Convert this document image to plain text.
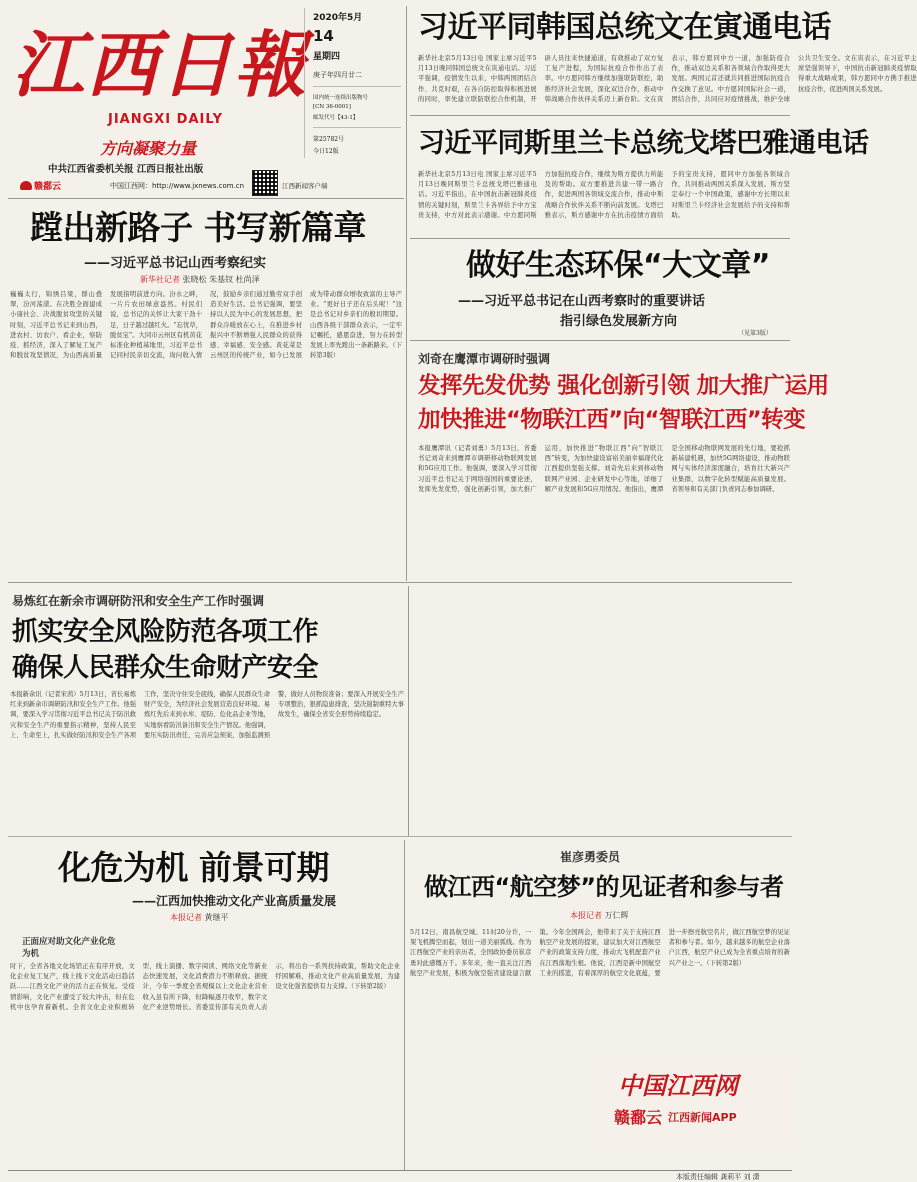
江西日報
JIANGXI DAILY
方向凝聚力量
中共江西省委机关报 江西日报社出版
赣鄱云	中国江西网：http://www.jxnews.com.cn	江西新闻客户端
2020年5月
14
星期四
庚子年四月廿二
国内统一连续出版物号
[CN 36-0001]
邮发代号【43-1】
第25782号
今日12版
习近平同韩国总统文在寅通电话
新华社北京5月13日电 国家主席习近平5月13日晚同韩国总统文在寅通电话。习近平强调，疫情发生以来，中韩两国团结合作、共克时艰，在各自防控取得积极进展的同时，率先建立联防联控合作机制，开辟人员往来快捷通道，有效推动了双方复工复产进程，为国际抗疫合作作出了表率。中方愿同韩方继续加强联防联控，助推经济社会发展，深化双边合作，推动中韩战略合作伙伴关系迈上新台阶。文在寅表示，韩方愿同中方一道，加强防疫合作，推动双边关系和各领域合作取得更大发展。两国元首还就共同推进国际抗疫合作交换了意见。中方愿同国际社会一道，团结合作，共同应对疫情挑战，维护全球公共卫生安全。文在寅表示，在习近平主席坚强领导下，中国抗击新冠肺炎疫情取得重大战略成果，韩方愿同中方携手推进抗疫合作，促进两国关系发展。
习近平同斯里兰卡总统戈塔巴雅通电话
新华社北京5月13日电 国家主席习近平5月13日晚同斯里兰卡总统戈塔巴雅通电话。习近平指出，在中国抗击新冠肺炎疫情的关键时刻，斯里兰卡各界给予中方宝贵支持，中方对此表示感谢。中方愿同斯方加强抗疫合作，继续为斯方提供力所能及的帮助。双方要推进共建一带一路合作，促进两国各领域交流合作，推动中斯战略合作伙伴关系不断向前发展。戈塔巴雅表示，斯方感谢中方在抗击疫情方面给予的宝贵支持，愿同中方加强各领域合作，共同推动两国关系深入发展。斯方坚定奉行一个中国政策，感谢中方长期以来对斯里兰卡经济社会发展给予的支持和帮助。
做好生态环保“大文章”
——习近平总书记在山西考察时的重要讲话
指引绿色发展新方向
（见第3版）
刘奇在鹰潭市调研时强调
发挥先发优势 强化创新引领 加大推广运用
加快推进“物联江西”向“智联江西”转变
本报鹰潭讯（记者刘勇）5月13日，省委书记刘奇来到鹰潭市调研移动物联网发展和5G应用工作。他强调，要深入学习贯彻习近平总书记关于网络强国的重要论述，发挥先发优势，强化创新引领，加大推广运用，加快推进“物联江西”向“智联江西”转变，为加快建设富裕美丽幸福现代化江西提供坚强支撑。刘奇先后来到移动物联网产业园、企业研发中心等地，详细了解产业发展和5G应用情况。他指出，鹰潭是全国移动物联网发展的先行地，要抢抓新基建机遇，加快5G网络建设，推动物联网与实体经济深度融合，培育壮大新兴产业集群，以数字化转型赋能高质量发展。省领导和有关部门负责同志参加调研。
蹚出新路子 书写新篇章
——习近平总书记山西考察纪实
新华社记者 张晓松 朱基钗 杜尚泽
巍巍太行，锦绣吕梁，群山叠翠，汾河荡漾。在决胜全面建成小康社会、决战脱贫攻坚的关键时刻，习近平总书记来到山西，进农村、访农户、看企业，察防疫、抓经济，深入了解复工复产和脱贫攻坚情况，为山西高质量发展指明前进方向。汾水之畔，一片片农田绿意盎然。村民们说，总书记的关怀让大家干劲十足，日子越过越红火。“忘忧草，脱贫宝”。大同市云州区有机黄花标准化种植基地里，习近平总书记同村民亲切交流，询问收入情况，鼓励乡亲们通过勤劳双手创造美好生活。总书记强调，要坚持以人民为中心的发展思想，把群众冷暖放在心上，在推进乡村振兴中不断增强人民群众的获得感、幸福感、安全感。黄花菜是云州区的传统产业，如今已发展成为带动群众增收致富的主导产业。“更好日子还在后头呢！”这是总书记对乡亲们的殷切期望。山西各级干部群众表示，一定牢记嘱托，感恩奋进，努力在转型发展上率先蹚出一条新路来。（下转第3版）
易炼红在新余市调研防汛和安全生产工作时强调
抓实安全风险防范各项工作
确保人民群众生命财产安全
本报新余讯（记者宋茜）5月13日，省长易炼红来到新余市调研防汛和安全生产工作。他强调，要深入学习贯彻习近平总书记关于防汛救灾和安全生产的重要指示精神，坚持人民至上、生命至上，扎实做好防汛和安全生产各项工作，坚决守住安全底线，确保人民群众生命财产安全，为经济社会发展营造良好环境。易炼红先后来到水库、堤防、危化品企业等地，实地察看防汛备汛和安全生产情况。他强调，要压实防汛责任，完善应急预案，加强监测预警，做好人员物资准备；要深入开展安全生产专项整治，狠抓隐患排查，坚决遏制重特大事故发生，确保全省安全形势持续稳定。
化危为机 前景可期
——江西加快推动文化产业高质量发展
本报记者 黄继平
正面应对助文化产业化危为机
时下，全省各地文化场馆正在有序开放，文化企业复工复产，线上线下文化活动日趋活跃……江西文化产业的活力正在恢复。受疫情影响，文化产业遭受了较大冲击，但在危机中也孕育着新机。全省文化企业积极转型，线上演播、数字阅读、网络文化等新业态快速发展，文化消费潜力不断释放。据统计，今年一季度全省规模以上文化企业营业收入虽有所下降，但降幅逐月收窄，数字文化产业逆势增长。省委宣传部有关负责人表示，将出台一系列扶持政策，帮助文化企业纾困解难，推动文化产业高质量发展，为建设文化强省提供有力支撑。（下转第2版）
崔彦勇委员
做江西“航空梦”的见证者和参与者
本报记者 万仁辉
5月12日，南昌航空城。11时20分许，一架飞机腾空而起，划出一道美丽弧线。作为江西航空产业的亲历者，全国政协委员崔彦勇对此感慨万千。多年来，他一直关注江西航空产业发展，积极为航空强省建设建言献策。今年全国两会，他带来了关于支持江西航空产业发展的提案，建议加大对江西航空产业的政策支持力度，推动大飞机配套产业在江西落地生根。他说，江西是新中国航空工业的摇篮，有着深厚的航空文化底蕴，要进一步擦亮航空名片，做江西航空梦的见证者和参与者。如今，越来越多的航空企业落户江西，航空产业已成为全省重点培育的新兴产业之一。（下转第2版）
中国江西网
赣鄱云 江西新闻APP
本版责任编辑 龚莉平 刘 潇
